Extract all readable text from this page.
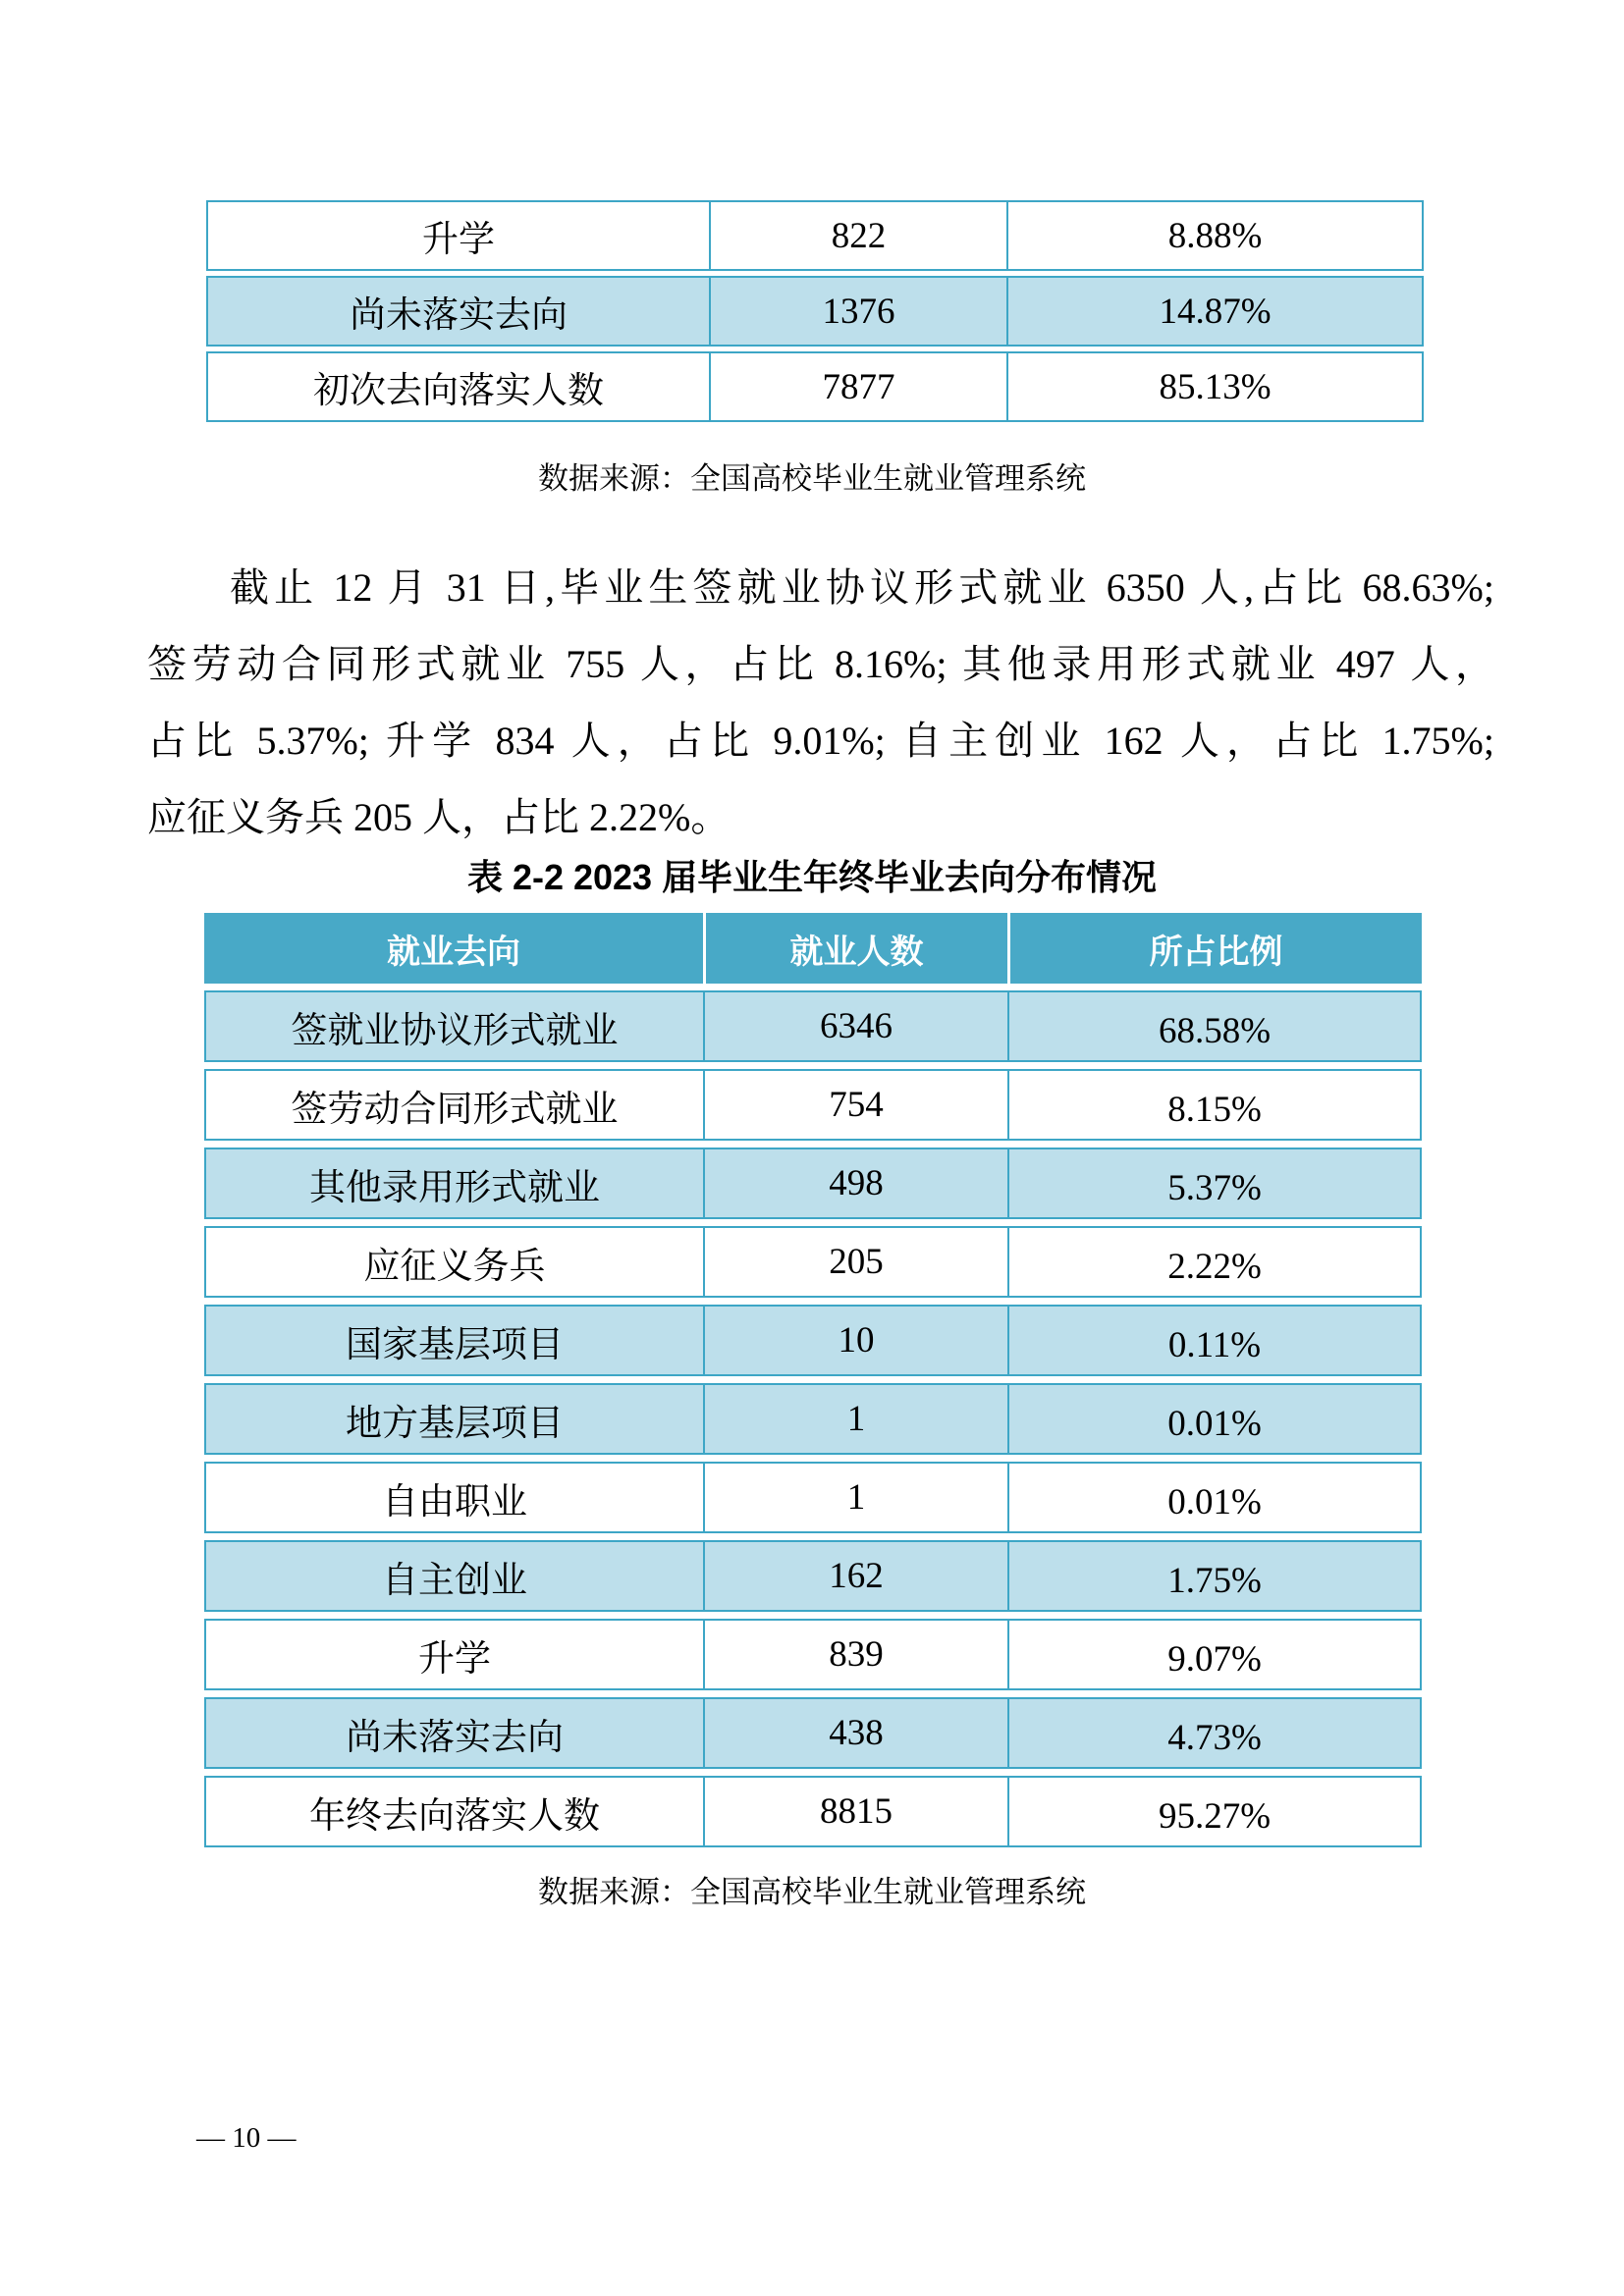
升学	822	8.88%
尚未落实去向	1376	14.87%
初次去向落实人数	7877	85.13%
数据来源：全国高校毕业生就业管理系统
截止 12 月 31 日,毕业生签就业协议形式就业 6350 人,占比 68.63%;
签劳动合同形式就业 755 人，占比 8.16%; 其他录用形式就业 497 人，
占比 5.37%; 升学 834 人，占比 9.01%; 自主创业 162 人，占比 1.75%;
应征义务兵 205 人，占比 2.22%。
表 2-2 2023 届毕业生年终毕业去向分布情况
就业去向	就业人数	所占比例
签就业协议形式就业	6346	68.58%
签劳动合同形式就业	754	8.15%
其他录用形式就业	498	5.37%
应征义务兵	205	2.22%
国家基层项目	10	0.11%
地方基层项目	1	0.01%
自由职业	1	0.01%
自主创业	162	1.75%
升学	839	9.07%
尚未落实去向	438	4.73%
年终去向落实人数	8815	95.27%
数据来源：全国高校毕业生就业管理系统
— 10 —
